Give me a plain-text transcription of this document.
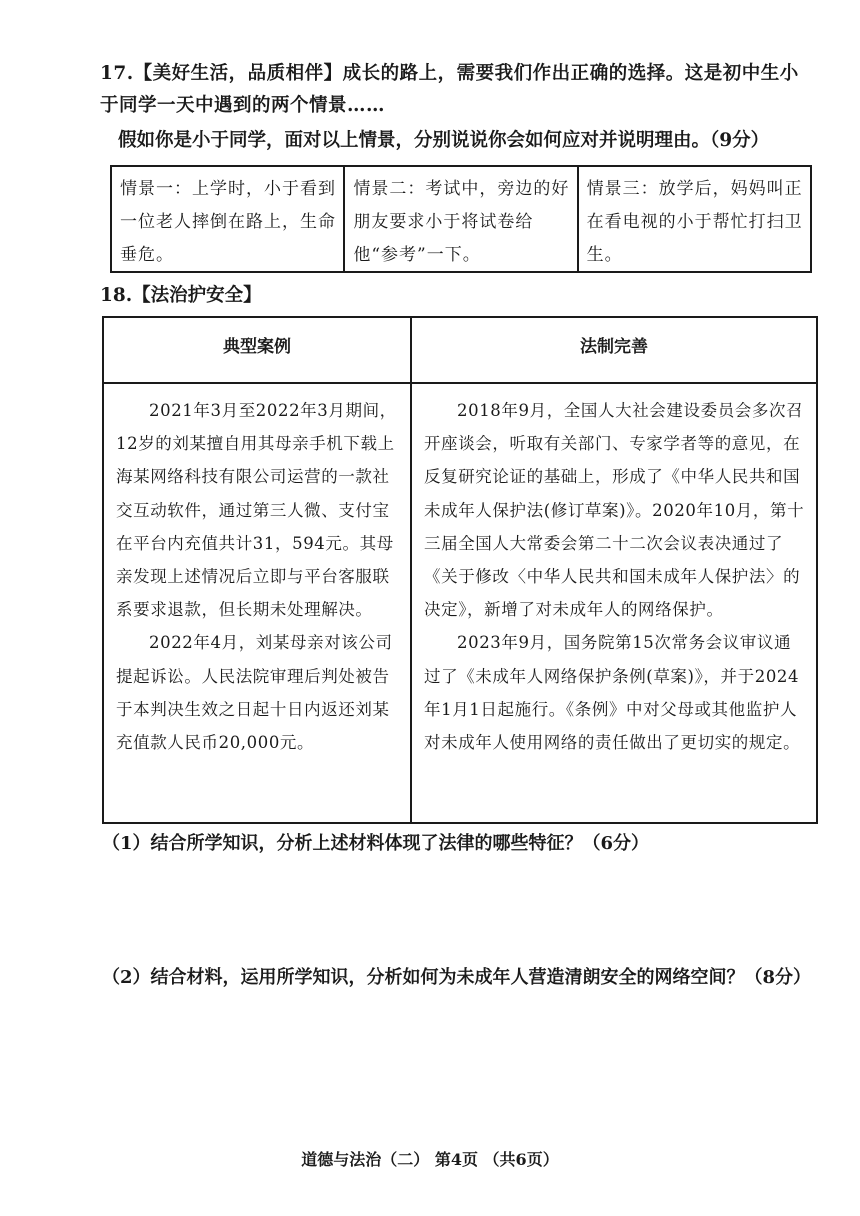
17.【美好生活，品质相伴】成长的路上，需要我们作出正确的选择。这是初中生小于同学一天中遇到的两个情景……
假如你是小于同学，面对以上情景，分别说说你会如何应对并说明理由。（9分）
情景一：上学时，小于看到一位老人摔倒在路上，生命垂危。
情景二：考试中，旁边的好朋友要求小于将试卷给他“参考”一下。
情景三：放学后，妈妈叫正在看电视的小于帮忙打扫卫生。
18.【法治护安全】
典型案例	法制完善

2021年3月至2022年3月期间，12岁的刘某擅自用其母亲手机下载上海某网络科技有限公司运营的一款社交互动软件，通过第三人微、支付宝在平台内充值共计31，594元。其母亲发现上述情况后立即与平台客服联系要求退款，但长期未处理解决。

2022年4月，刘某母亲对该公司提起诉讼。人民法院审理后判处被告于本判决生效之日起十日内返还刘某充值款人民币20,000元。

2018年9月，全国人大社会建设委员会多次召开座谈会，听取有关部门、专家学者等的意见，在反复研究论证的基础上，形成了《中华人民共和国未成年人保护法(修订草案)》。2020年10月，第十三届全国人大常委会第二十二次会议表决通过了《关于修改〈中华人民共和国未成年人保护法〉的决定》，新增了对未成年人的网络保护。

2023年9月，国务院第15次常务会议审议通过了《未成年人网络保护条例(草案)》，并于2024年1月1日起施行。《条例》中对父母或其他监护人对未成年人使用网络的责任做出了更切实的规定。

（1）结合所学知识，分析上述材料体现了法律的哪些特征？（6分）
（2）结合材料，运用所学知识，分析如何为未成年人营造清朗安全的网络空间？（8分）
道德与法治（二） 第4页 （共6页）
